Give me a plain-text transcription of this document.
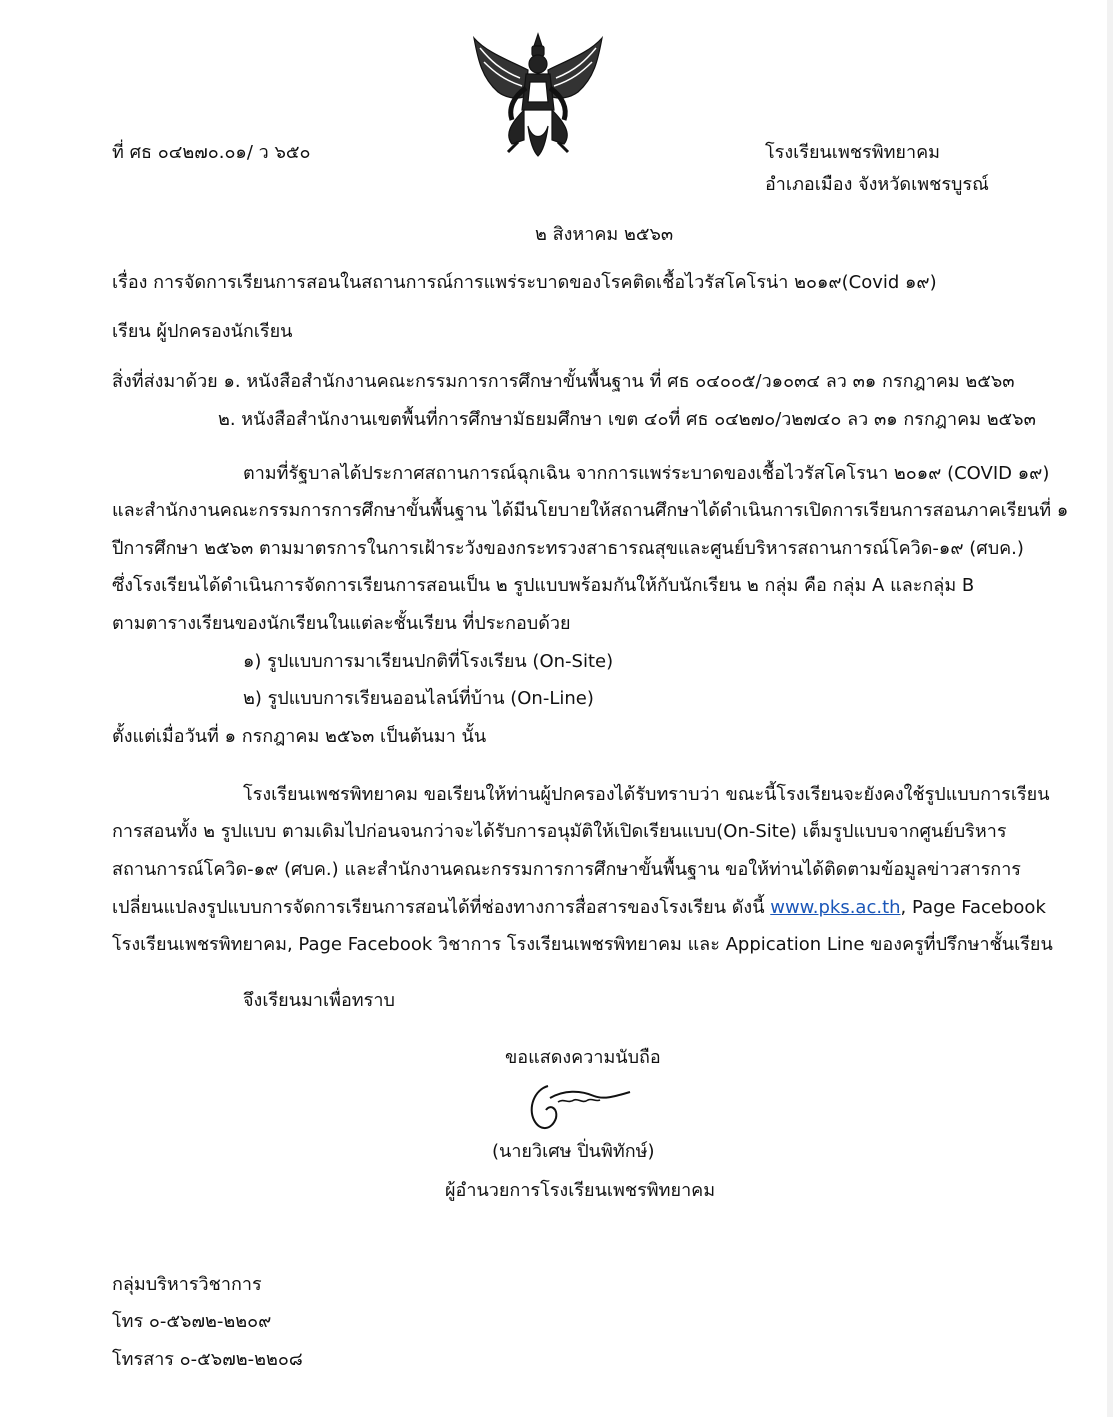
ที่ ศธ ๐๔๒๗๐.๐๑/ ว ๖๕๐	โรงเรียนเพชรพิทยาคม
อำเภอเมือง จังหวัดเพชรบูรณ์
๒ สิงหาคม ๒๕๖๓
เรื่อง การจัดการเรียนการสอนในสถานการณ์การแพร่ระบาดของโรคติดเชื้อไวรัสโคโรน่า ๒๐๑๙(Covid ๑๙)
เรียน ผู้ปกครองนักเรียน
สิ่งที่ส่งมาด้วย ๑. หนังสือสำนักงานคณะกรรมการการศึกษาขั้นพื้นฐาน ที่ ศธ ๐๔๐๐๕/ว๑๐๓๔ ลว ๓๑ กรกฎาคม ๒๕๖๓
๒. หนังสือสำนักงานเขตพื้นที่การศึกษามัธยมศึกษา เขต ๔๐ที่ ศธ ๐๔๒๗๐/ว๒๗๔๐ ลว ๓๑ กรกฎาคม ๒๕๖๓
ตามที่รัฐบาลได้ประกาศสถานการณ์ฉุกเฉิน จากการแพร่ระบาดของเชื้อไวรัสโคโรนา ๒๐๑๙ (COVID ๑๙)
และสำนักงานคณะกรรมการการศึกษาขั้นพื้นฐาน ได้มีนโยบายให้สถานศึกษาได้ดำเนินการเปิดการเรียนการสอนภาคเรียนที่ ๑
ปีการศึกษา ๒๕๖๓ ตามมาตรการในการเฝ้าระวังของกระทรวงสาธารณสุขและศูนย์บริหารสถานการณ์โควิด-๑๙ (ศบค.)
ซึ่งโรงเรียนได้ดำเนินการจัดการเรียนการสอนเป็น ๒ รูปแบบพร้อมกันให้กับนักเรียน ๒ กลุ่ม คือ กลุ่ม A และกลุ่ม B
ตามตารางเรียนของนักเรียนในแต่ละชั้นเรียน ที่ประกอบด้วย
๑) รูปแบบการมาเรียนปกติที่โรงเรียน (On-Site)
๒) รูปแบบการเรียนออนไลน์ที่บ้าน (On-Line)
ตั้งแต่เมื่อวันที่ ๑ กรกฎาคม ๒๕๖๓ เป็นต้นมา นั้น
โรงเรียนเพชรพิทยาคม ขอเรียนให้ท่านผู้ปกครองได้รับทราบว่า ขณะนี้โรงเรียนจะยังคงใช้รูปแบบการเรียน
การสอนทั้ง ๒ รูปแบบ ตามเดิมไปก่อนจนกว่าจะได้รับการอนุมัติให้เปิดเรียนแบบ(On-Site) เต็มรูปแบบจากศูนย์บริหาร
สถานการณ์โควิด-๑๙ (ศบค.) และสำนักงานคณะกรรมการการศึกษาขั้นพื้นฐาน ขอให้ท่านได้ติดตามข้อมูลข่าวสารการ
เปลี่ยนแปลงรูปแบบการจัดการเรียนการสอนได้ที่ช่องทางการสื่อสารของโรงเรียน ดังนี้ www.pks.ac.th, Page Facebook
โรงเรียนเพชรพิทยาคม, Page Facebook วิชาการ โรงเรียนเพชรพิทยาคม และ Appication Line ของครูที่ปรึกษาชั้นเรียน
จึงเรียนมาเพื่อทราบ
ขอแสดงความนับถือ
(นายวิเศษ ปิ่นพิทักษ์)
ผู้อำนวยการโรงเรียนเพชรพิทยาคม
กลุ่มบริหารวิชาการ
โทร ๐-๕๖๗๒-๒๒๐๙
โทรสาร ๐-๕๖๗๒-๒๒๐๘
